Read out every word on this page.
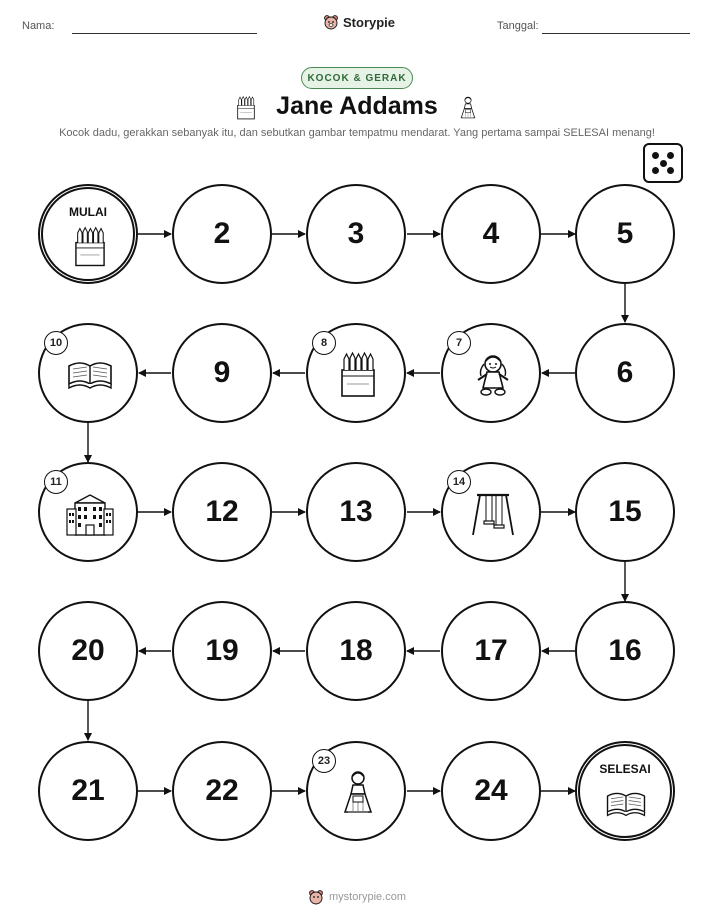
Nama:	Storypie	Tanggal:
KOCOK & GERAK
Jane Addams
Kocok dadu, gerakkan sebanyak itu, dan sebutkan gambar tempatmu mendarat. Yang pertama sampai SELESAI menang!
MULAI
2	3	4	5
10
9
8	7
6
11
12	13
14
15
20	19	18	17	16
21	22
23
24
SELESAI
mystorypie.com
